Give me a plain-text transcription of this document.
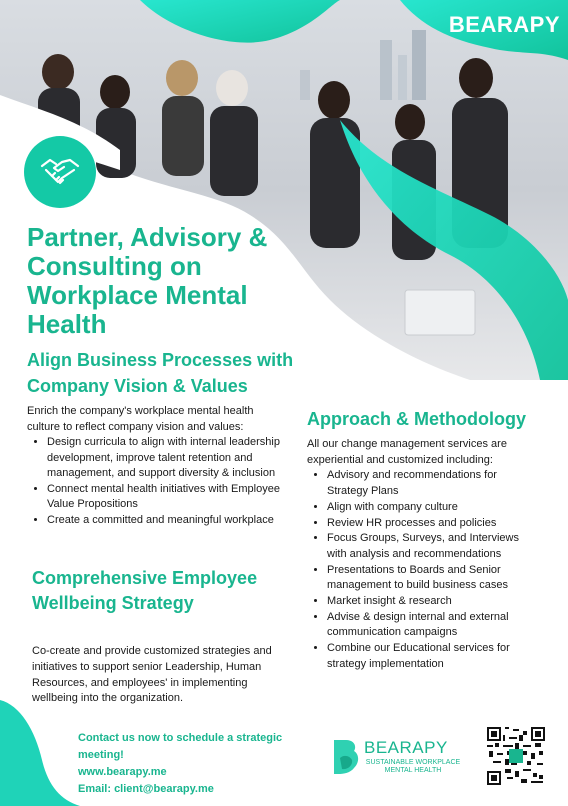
BEARAPY
Partner, Advisory & Consulting on Workplace Mental Health
Align Business Processes with Company Vision & Values

Enrich the company's workplace mental health culture to reflect company vision and values:

• Design curricula to align with internal leadership development, improve talent retention and management, and support diversity & inclusion
• Connect mental health initiatives with Employee Value Propositions
• Create a committed and meaningful workplace
Comprehensive Employee Wellbeing Strategy

Co-create and provide customized strategies and initiatives to support senior Leadership, Human Resources, and employees' in implementing wellbeing into the organization.

Approach & Methodology

All our change management services are experiential and customized including:

• Advisory and recommendations for Strategy Plans
• Align with company culture
• Review HR processes and policies
• Focus Groups, Surveys, and Interviews with analysis and recommendations
• Presentations to Boards and Senior management to build business cases
• Market insight & research
• Advise & design internal and external communication campaigns
• Combine our Educational services for strategy implementation
Contact us now to schedule a strategic meeting!
www.bearapy.me
Email: client@bearapy.me
BEARAPY
SUSTAINABLE WORKPLACE MENTAL HEALTH
